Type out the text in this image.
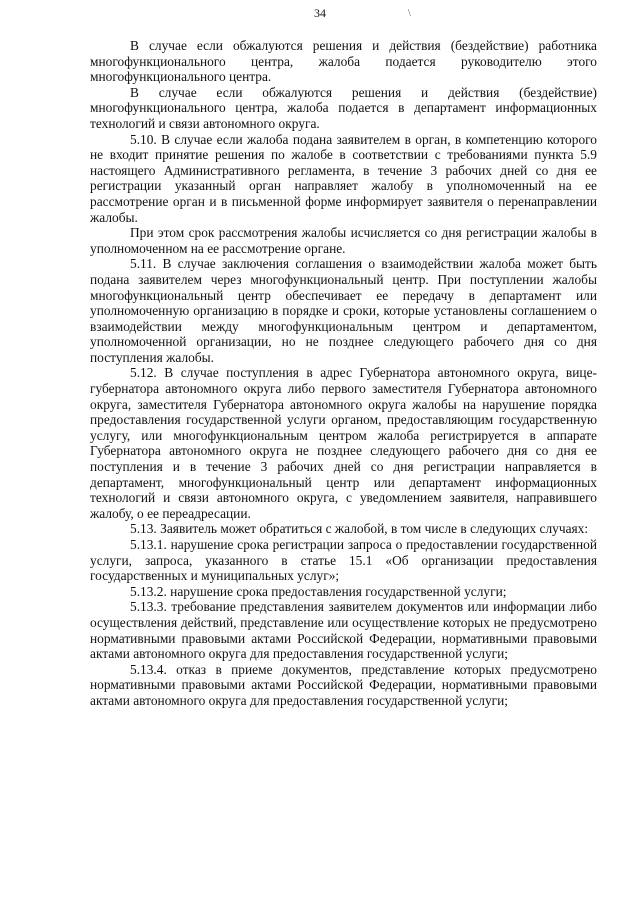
34	\

В случае если обжалуются решения и действия (бездействие) работника многофункционального центра, жалоба подается руководителю этого многофункционального центра.

В случае если обжалуются решения и действия (бездействие) многофункционального центра, жалоба подается в департамент информационных технологий и связи автономного округа.

5.10. В случае если жалоба подана заявителем в орган, в компетенцию которого не входит принятие решения по жалобе в соответствии с требованиями пункта 5.9 настоящего Административного регламента, в течение 3 рабочих дней со дня ее регистрации указанный орган направляет жалобу в уполномоченный на ее рассмотрение орган и в письменной форме информирует заявителя о перенаправлении жалобы.

При этом срок рассмотрения жалобы исчисляется со дня регистрации жалобы в уполномоченном на ее рассмотрение органе.

5.11. В случае заключения соглашения о взаимодействии жалоба может быть подана заявителем через многофункциональный центр. При поступлении жалобы многофункциональный центр обеспечивает ее передачу в департамент или уполномоченную организацию в порядке и сроки, которые установлены соглашением о взаимодействии между многофункциональным центром и департаментом, уполномоченной организации, но не позднее следующего рабочего дня со дня поступления жалобы.

5.12. В случае поступления в адрес Губернатора автономного округа, вице-губернатора автономного округа либо первого заместителя Губернатора автономного округа, заместителя Губернатора автономного округа жалобы на нарушение порядка предоставления государственной услуги органом, предоставляющим государственную услугу, или многофункциональным центром жалоба регистрируется в аппарате Губернатора автономного округа не позднее следующего рабочего дня со дня ее поступления и в течение 3 рабочих дней со дня регистрации направляется в департамент, многофункциональный центр или департамент информационных технологий и связи автономного округа, с уведомлением заявителя, направившего жалобу, о ее переадресации.

5.13. Заявитель может обратиться с жалобой, в том числе в следующих случаях:

5.13.1. нарушение срока регистрации запроса о предоставлении государственной услуги, запроса, указанного в статье 15.1 «Об организации предоставления государственных и муниципальных услуг»;

5.13.2. нарушение срока предоставления государственной услуги;

5.13.3. требование представления заявителем документов или информации либо осуществления действий, представление или осуществление которых не предусмотрено нормативными правовыми актами Российской Федерации, нормативными правовыми актами автономного округа для предоставления государственной услуги;

5.13.4. отказ в приеме документов, представление которых предусмотрено нормативными правовыми актами Российской Федерации, нормативными правовыми актами автономного округа для предоставления государственной услуги;
